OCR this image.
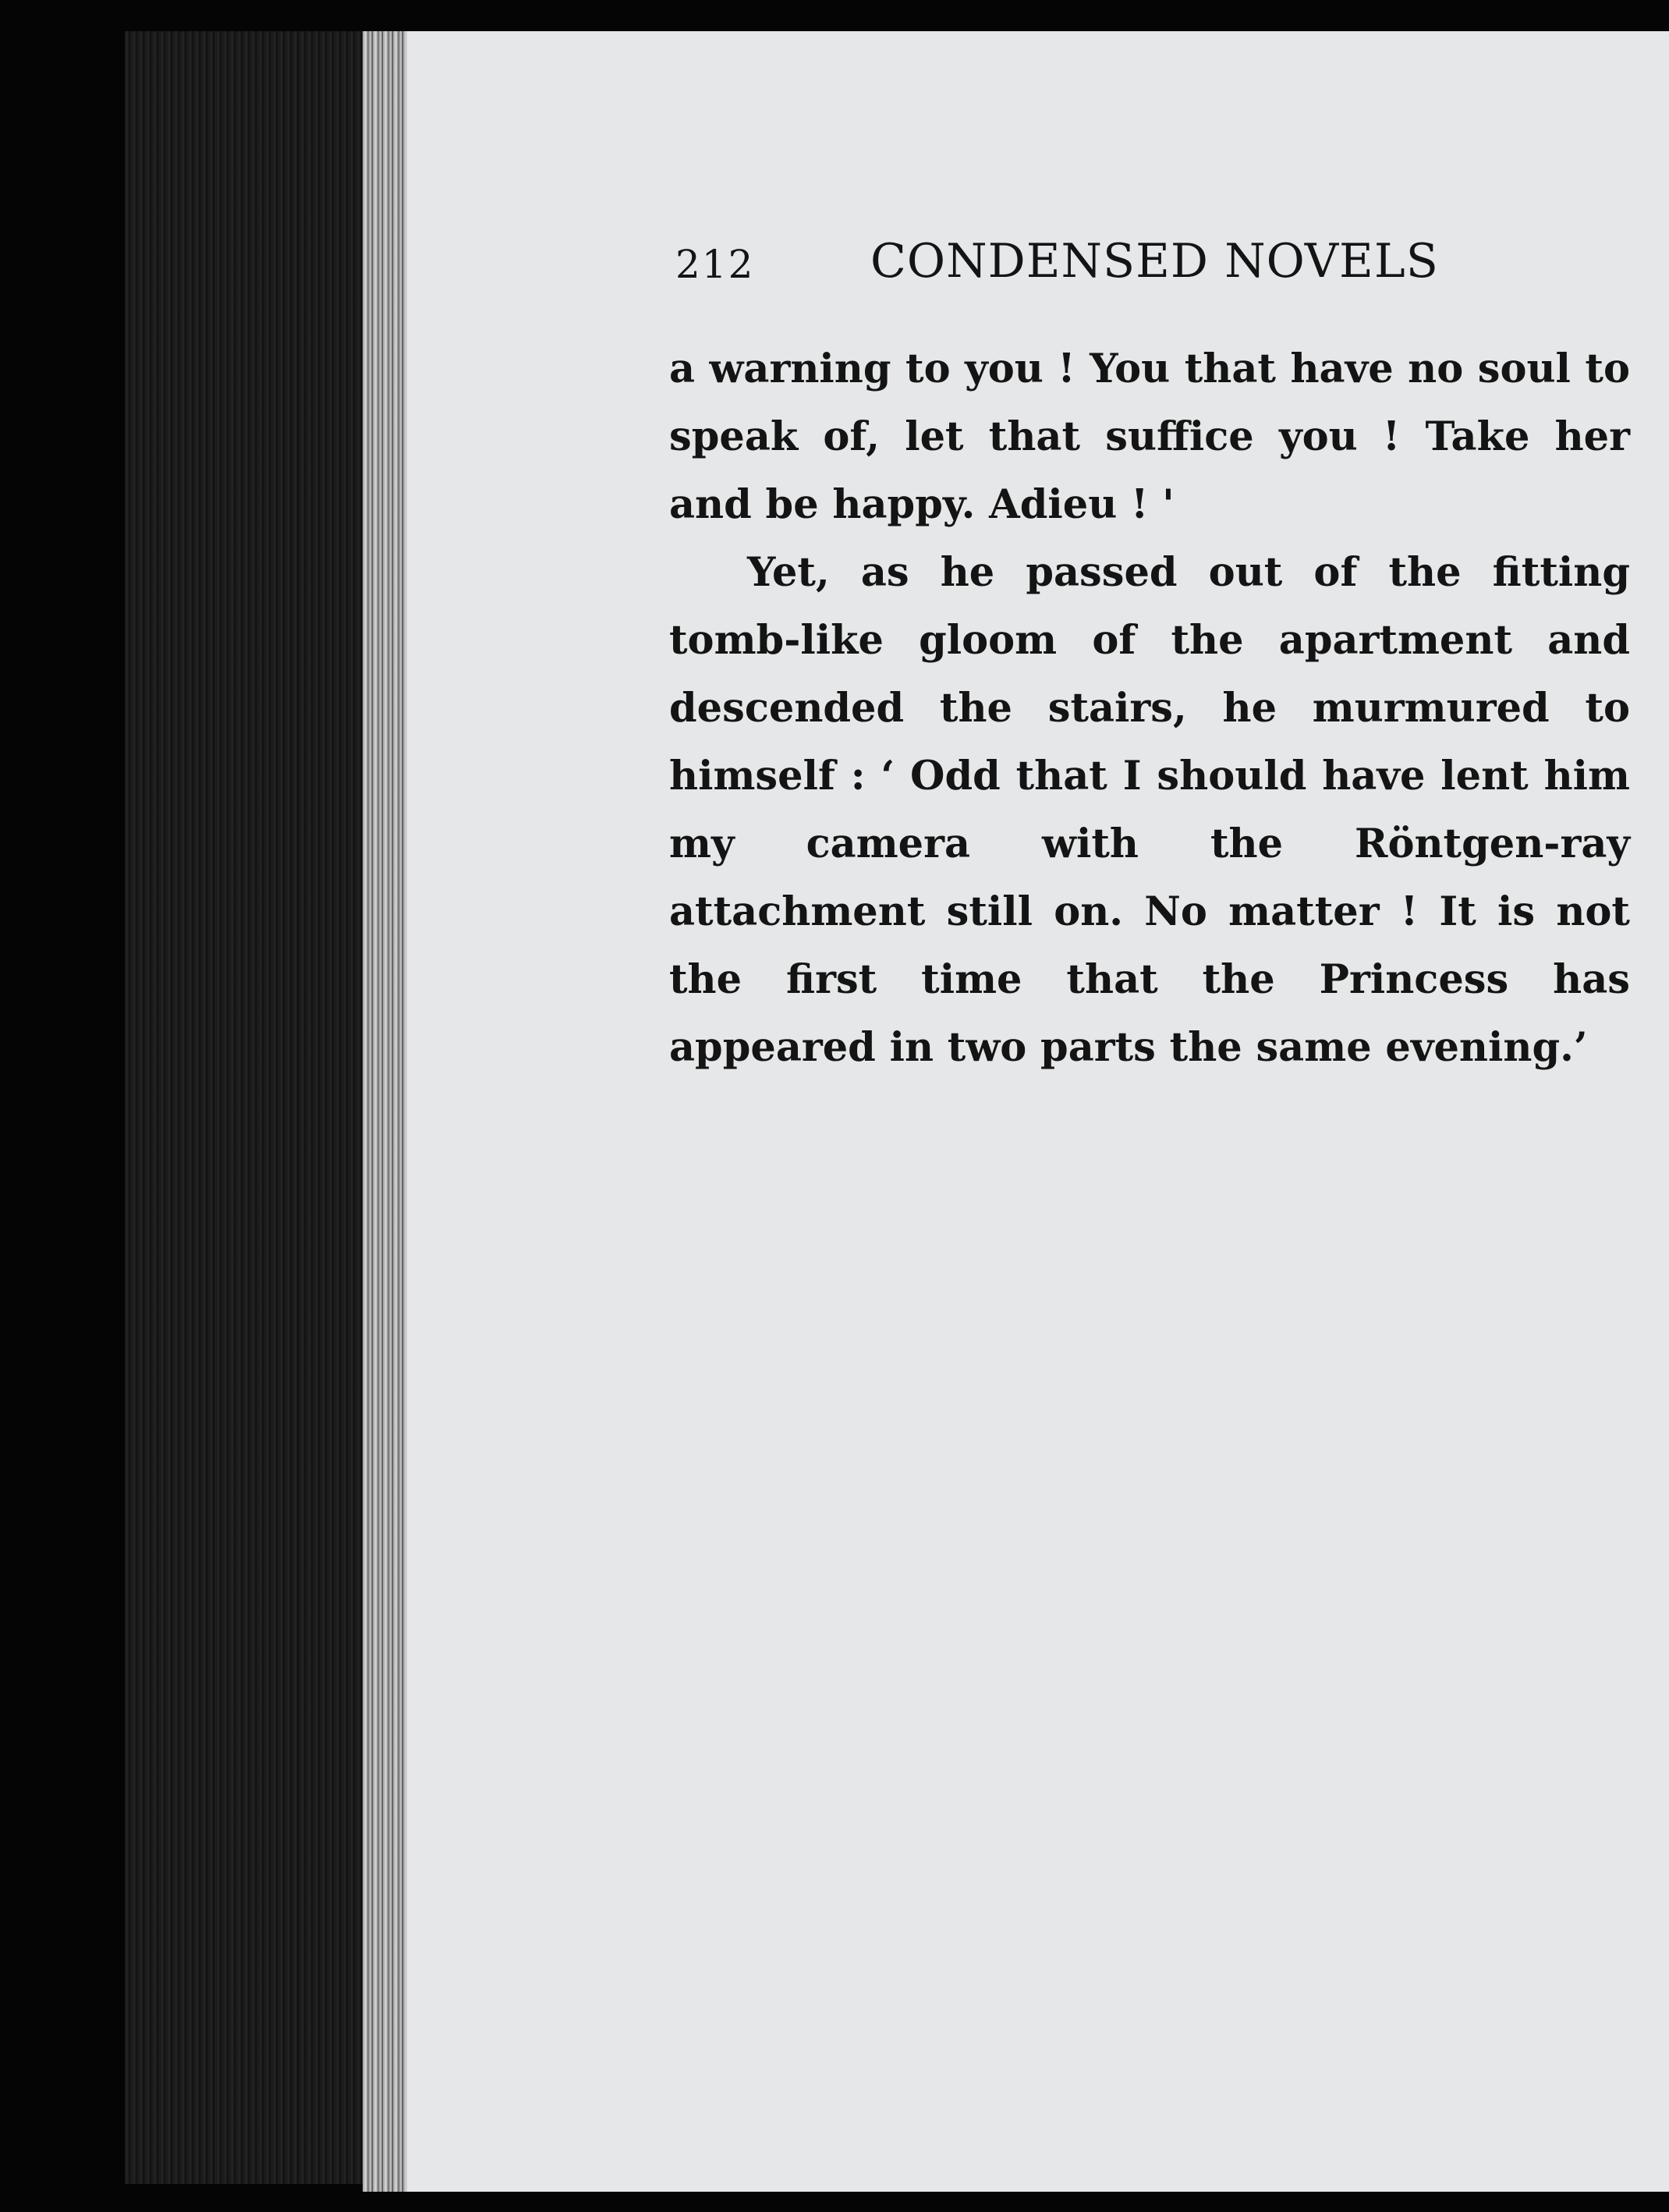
212 CONDENSED NOVELS

a warning to you ! You that have no soul to speak of, let that suffice you ! Take her and be happy. Adieu ! '

Yet, as he passed out of the fitting tomb-like gloom of the apartment and descended the stairs, he murmured to himself : ‘ Odd that I should have lent him my camera with the Röntgen-ray attachment still on. No matter ! It is not the first time that the Princess has appeared in two parts the same evening.’
